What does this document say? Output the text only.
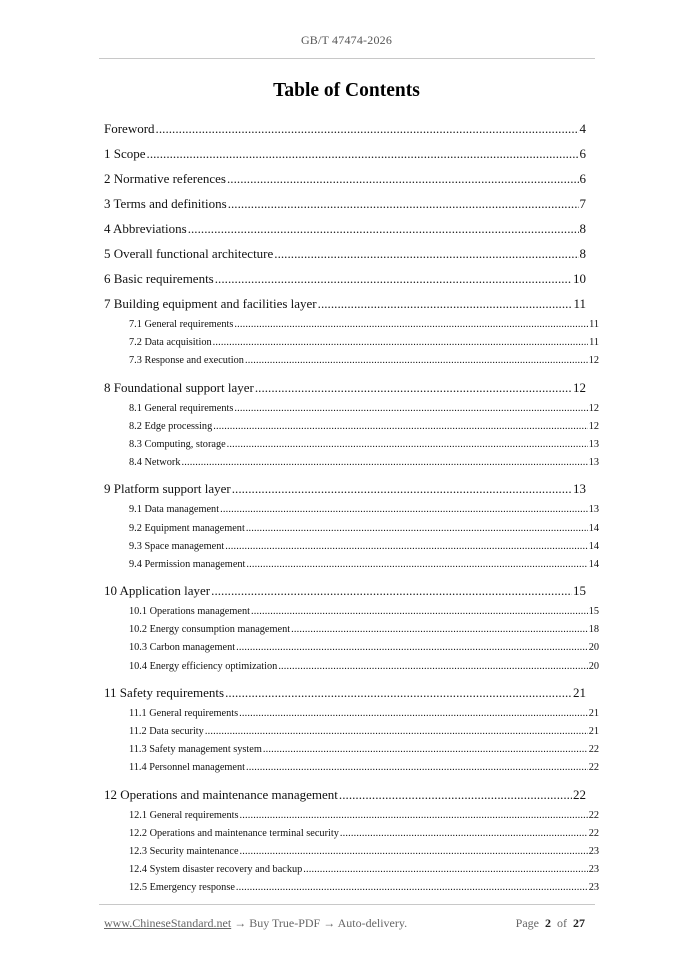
GB/T 47474-2026
Table of Contents
Foreword . . .	4
1 Scope . . .	6
2 Normative references . . .	6
3 Terms and definitions . . .	7
4 Abbreviations . . .	8
5 Overall functional architecture . . .	8
6 Basic requirements . . .	10
7 Building equipment and facilities layer . . .	11
7.1 General requirements . . .	11
7.2 Data acquisition . . .	11
7.3 Response and execution . . .	12
8 Foundational support layer . . .	12
8.1 General requirements . . .	12
8.2 Edge processing . . .	12
8.3 Computing, storage . . .	13
8.4 Network . . .	13
9 Platform support layer . . .	13
9.1 Data management . . .	13
9.2 Equipment management . . .	14
9.3 Space management . . .	14
9.4 Permission management . . .	14
10 Application layer . . .	15
10.1 Operations management . . .	15
10.2 Energy consumption management . . .	18
10.3 Carbon management . . .	20
10.4 Energy efficiency optimization . . .	20
11 Safety requirements . . .	21
11.1 General requirements . . .	21
11.2 Data security . . .	21
11.3 Safety management system . . .	22
11.4 Personnel management . . .	22
12 Operations and maintenance management . . .	22
12.1 General requirements . . .	22
12.2 Operations and maintenance terminal security . . .	22
12.3 Security maintenance . . .	23
12.4 System disaster recovery and backup . . .	23
12.5 Emergency response . . .	23
www.ChineseStandard.net → Buy True-PDF → Auto-delivery.	Page 2 of 27
